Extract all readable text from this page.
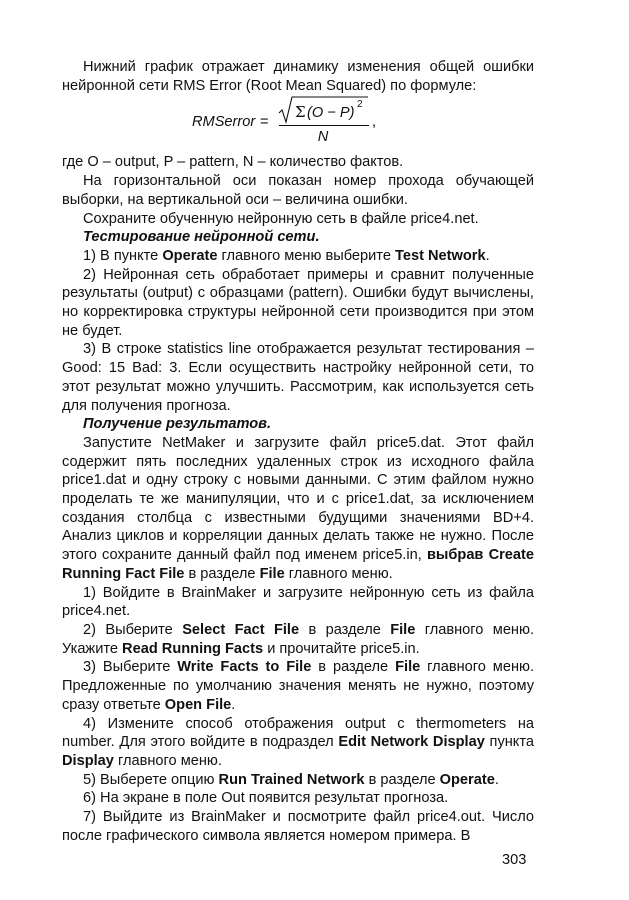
Нижний график отражает динамику изменения общей ошибки нейронной сети RMS Error (Root Mean Squared) по формуле:

RMSerror =
Σ (O − P)
2
N
,

где O – output, P – pattern, N – количество фактов.

На горизонтальной оси показан номер прохода обучающей выборки, на вертикальной оси – величина ошибки.

Сохраните обученную нейронную сеть в файле price4.net.

Тестирование нейронной сети.

1) В пункте Operate главного меню выберите Test Network.

2) Нейронная сеть обработает примеры и сравнит полученные результаты (output) с образцами (pattern). Ошибки будут вычислены, но корректировка структуры нейронной сети производится при этом не будет.

3) В строке statistics line отображается результат тестирования – Good: 15 Bad: 3. Если осуществить настройку нейронной сети, то этот результат можно улучшить. Рассмотрим, как используется сеть для получения прогноза.

Получение результатов.

Запустите NetMaker и загрузите файл price5.dat. Этот файл содержит пять последних удаленных строк из исходного файла price1.dat и одну строку с новыми данными. С этим файлом нужно проделать те же манипуляции, что и с price1.dat, за исключением создания столбца с известными будущими значениями BD+4. Анализ циклов и корреляции данных делать также не нужно. После этого сохраните данный файл под именем price5.in, выбрав Create Running Fact File в разделе File главного меню.

1) Войдите в BrainMaker и загрузите нейронную сеть из файла price4.net.

2) Выберите Select Fact File в разделе File главного меню. Укажите Read Running Facts и прочитайте price5.in.

3) Выберите Write Facts to File в разделе File главного меню. Предложенные по умолчанию значения менять не нужно, поэтому сразу ответьте Open File.

4) Измените способ отображения output с thermometers на number. Для этого войдите в подраздел Edit Network Display пункта Display главного меню.

5) Выберете опцию Run Trained Network в разделе Operate.

6) На экране в поле Out появится результат прогноза.

7) Выйдите из BrainMaker и посмотрите файл price4.out. Число после графического символа является номером примера. В

303
